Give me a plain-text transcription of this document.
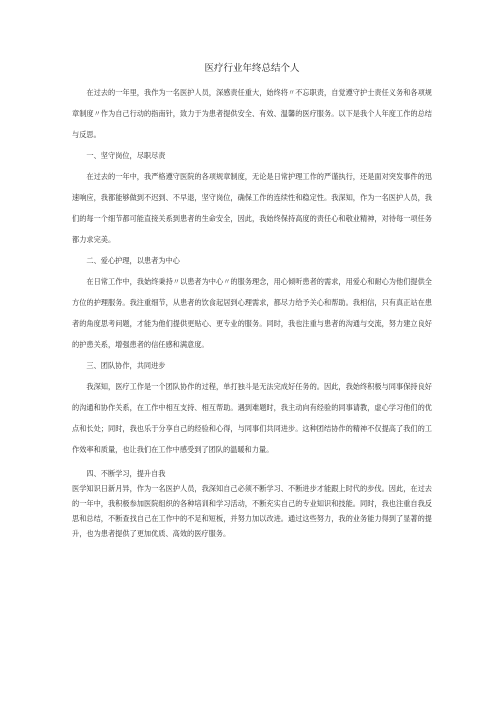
医疗行业年终总结个人

在过去的一年里，我作为一名医护人员，深感责任重大，始终将〃不忘职责，自觉遵守护士责任义务和各项规章制度〃作为自己行动的指南针，致力于为患者提供安全、有效、温馨的医疗服务。以下是我个人年度工作的总结与反思。

一、坚守岗位，尽职尽责

在过去的一年中，我严格遵守医院的各项规章制度，无论是日常护理工作的严谨执行，还是面对突发事件的迅速响应，我都能够做到不迟到、不早退，坚守岗位，确保工作的连续性和稳定性。我深知，作为一名医护人员，我们的每一个细节都可能直接关系到患者的生命安全，因此，我始终保持高度的责任心和敬业精神，对待每一项任务都力求完美。

二、爱心护理，以患者为中心

在日常工作中，我始终秉持〃以患者为中心〃的服务理念，用心倾听患者的需求，用爱心和耐心为他们提供全方位的护理服务。我注重细节，从患者的饮食起居到心理需求，都尽力给予关心和帮助。我相信，只有真正站在患者的角度思考问题，才能为他们提供更贴心、更专业的服务。同时，我也注重与患者的沟通与交流，努力建立良好的护患关系，增强患者的信任感和满意度。

三、团队协作，共同进步

我深知，医疗工作是一个团队协作的过程，单打独斗是无法完成好任务的。因此，我始终积极与同事保持良好的沟通和协作关系，在工作中相互支持、相互帮助。遇到难题时，我主动向有经验的同事请教，虚心学习他们的优点和长处；同时，我也乐于分享自己的经验和心得，与同事们共同进步。这种团结协作的精神不仅提高了我们的工作效率和质量，也让我们在工作中感受到了团队的温暖和力量。

四、不断学习，提升自我

医学知识日新月异，作为一名医护人员，我深知自己必须不断学习、不断进步才能跟上时代的步伐。因此，在过去的一年中，我积极参加医院组织的各种培训和学习活动，不断充实自己的专业知识和技能。同时，我也注重自我反思和总结，不断查找自己在工作中的不足和短板，并努力加以改进。通过这些努力，我的业务能力得到了显著的提升，也为患者提供了更加优质、高效的医疗服务。
